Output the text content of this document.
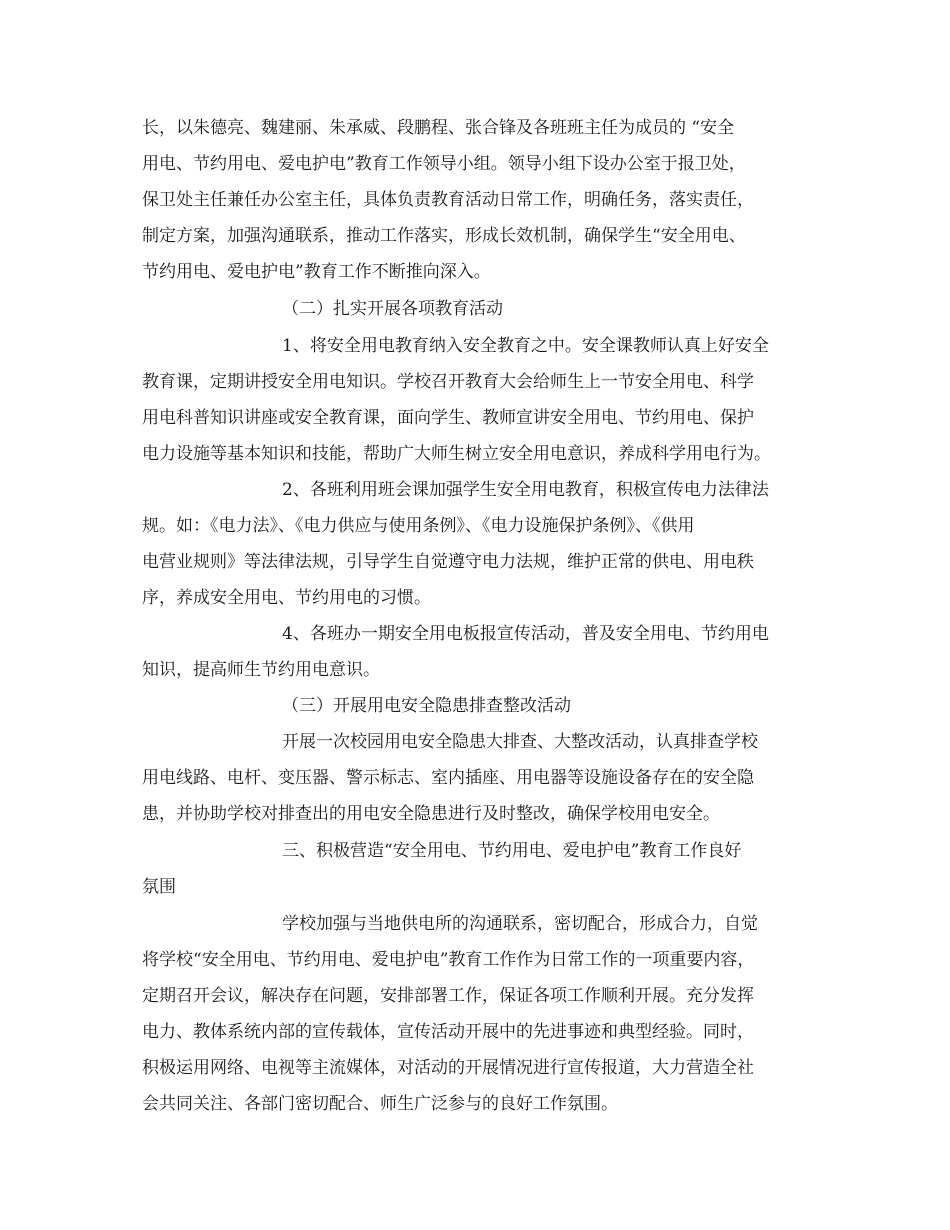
长，以朱德亮、魏建丽、朱承威、段鹏程、张合锋及各班班主任为成员的 “安全
用电、节约用电、爱电护电”教育工作领导小组。领导小组下设办公室于报卫处，
保卫处主任兼任办公室主任，具体负责教育活动日常工作，明确任务，落实责任，
制定方案，加强沟通联系，推动工作落实，形成长效机制，确保学生“安全用电、
节约用电、爱电护电”教育工作不断推向深入。
（二）扎实开展各项教育活动
1、将安全用电教育纳入安全教育之中。安全课教师认真上好安全
教育课，定期讲授安全用电知识。学校召开教育大会给师生上一节安全用电、科学
用电科普知识讲座或安全教育课，面向学生、教师宣讲安全用电、节约用电、保护
电力设施等基本知识和技能，帮助广大师生树立安全用电意识，养成科学用电行为。
2、各班利用班会课加强学生安全用电教育，积极宣传电力法律法
规。如：《电力法》、《电力供应与使用条例》、《电力设施保护条例》、《供用
电营业规则》等法律法规，引导学生自觉遵守电力法规，维护正常的供电、用电秩
序，养成安全用电、节约用电的习惯。
4、各班办一期安全用电板报宣传活动，普及安全用电、节约用电
知识，提高师生节约用电意识。
（三）开展用电安全隐患排查整改活动
开展一次校园用电安全隐患大排查、大整改活动，认真排查学校
用电线路、电杆、变压器、警示标志、室内插座、用电器等设施设备存在的安全隐
患，并协助学校对排查出的用电安全隐患进行及时整改，确保学校用电安全。
三、积极营造“安全用电、节约用电、爱电护电”教育工作良好
氛围
学校加强与当地供电所的沟通联系，密切配合，形成合力，自觉
将学校“安全用电、节约用电、爱电护电”教育工作作为日常工作的一项重要内容，
定期召开会议，解决存在问题，安排部署工作，保证各项工作顺利开展。充分发挥
电力、教体系统内部的宣传载体，宣传活动开展中的先进事迹和典型经验。同时，
积极运用网络、电视等主流媒体，对活动的开展情况进行宣传报道，大力营造全社
会共同关注、各部门密切配合、师生广泛参与的良好工作氛围。
